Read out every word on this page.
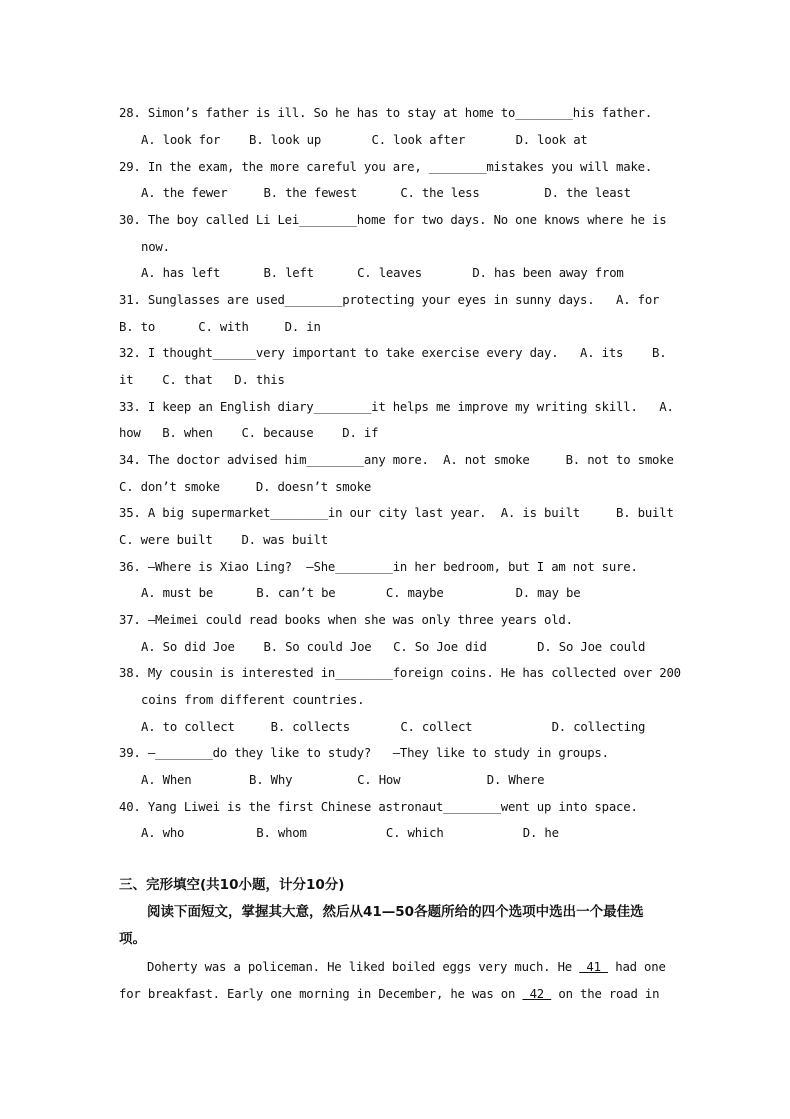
28. Simon’s father is ill. So he has to stay at home to________his father.
A. look for    B. look up       C. look after       D. look at
29. In the exam, the more careful you are, ________mistakes you will make.
A. the fewer     B. the fewest      C. the less         D. the least
30. The boy called Li Lei________home for two days. No one knows where he is
now.
A. has left      B. left      C. leaves       D. has been away from
31. Sunglasses are used________protecting your eyes in sunny days.   A. for
B. to      C. with     D. in
32. I thought______very important to take exercise every day.   A. its    B.
it    C. that   D. this
33. I keep an English diary________it helps me improve my writing skill.   A.
how   B. when    C. because    D. if
34. The doctor advised him________any more.  A. not smoke     B. not to smoke
C. don’t smoke     D. doesn’t smoke
35. A big supermarket________in our city last year.  A. is built     B. built
C. were built    D. was built
36. —Where is Xiao Ling?  —She________in her bedroom, but I am not sure.
A. must be      B. can’t be       C. maybe          D. may be
37. —Meimei could read books when she was only three years old.
A. So did Joe    B. So could Joe   C. So Joe did       D. So Joe could
38. My cousin is interested in________foreign coins. He has collected over 200
coins from different countries.
A. to collect     B. collects       C. collect           D. collecting
39. —________do they like to study?   —They like to study in groups.
A. When        B. Why         C. How            D. Where
40. Yang Liwei is the first Chinese astronaut________went up into space.
A. who          B. whom           C. which           D. he
三、完形填空(共10小题，计分10分)
阅读下面短文，掌握其大意，然后从41—50各题所给的四个选项中选出一个最佳选
项。
Doherty was a policeman. He liked boiled eggs very much. He  41  had one
for breakfast. Early one morning in December, he was on  42  on the road in
